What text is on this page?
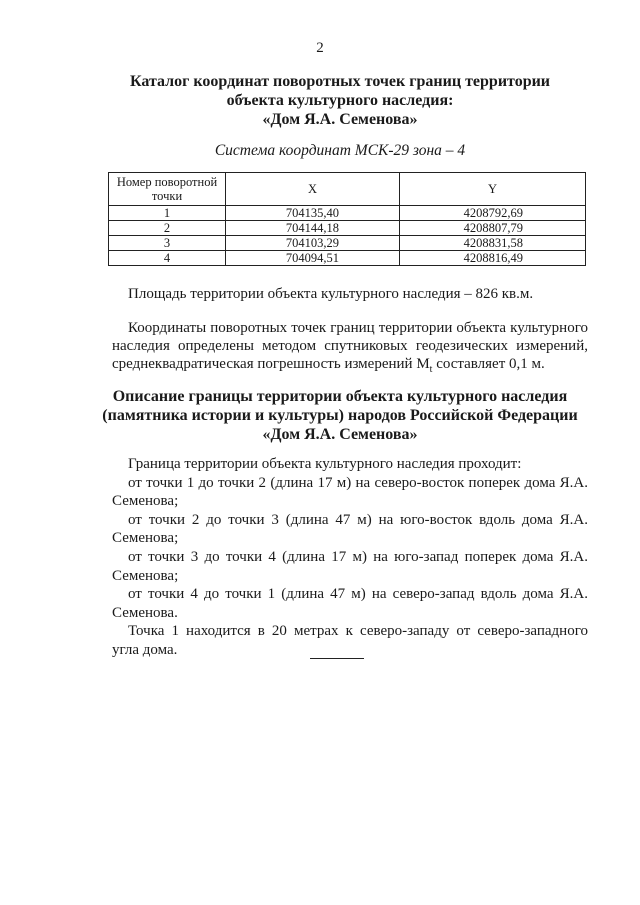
2
Каталог координат поворотных точек границ территории
объекта культурного наследия:
«Дом Я.А. Семенова»
Система координат МСК-29 зона – 4
Номер поворотной точки	X	Y
1	704135,40	4208792,69
2	704144,18	4208807,79
3	704103,29	4208831,58
4	704094,51	4208816,49
Площадь территории объекта культурного наследия – 826 кв.м.
Координаты поворотных точек границ территории объекта культурного наследия определены методом спутниковых геодезических измерений, среднеквадратическая погрешность измерений $M_t$ составляет 0,1 м.
Описание границы территории объекта культурного наследия
(памятника истории и культуры) народов Российской Федерации
«Дом Я.А. Семенова»

Граница территории объекта культурного наследия проходит:

от точки 1 до точки 2 (длина 17 м) на северо-восток поперек дома Я.А. Семенова;

от точки 2 до точки 3 (длина 47 м) на юго-восток вдоль дома Я.А. Семенова;

от точки 3 до точки 4 (длина 17 м) на юго-запад поперек дома Я.А. Семенова;

от точки 4 до точки 1 (длина 47 м) на северо-запад вдоль дома Я.А. Семенова.

Точка 1 находится в 20 метрах к северо-западу от северо-западного угла дома.
